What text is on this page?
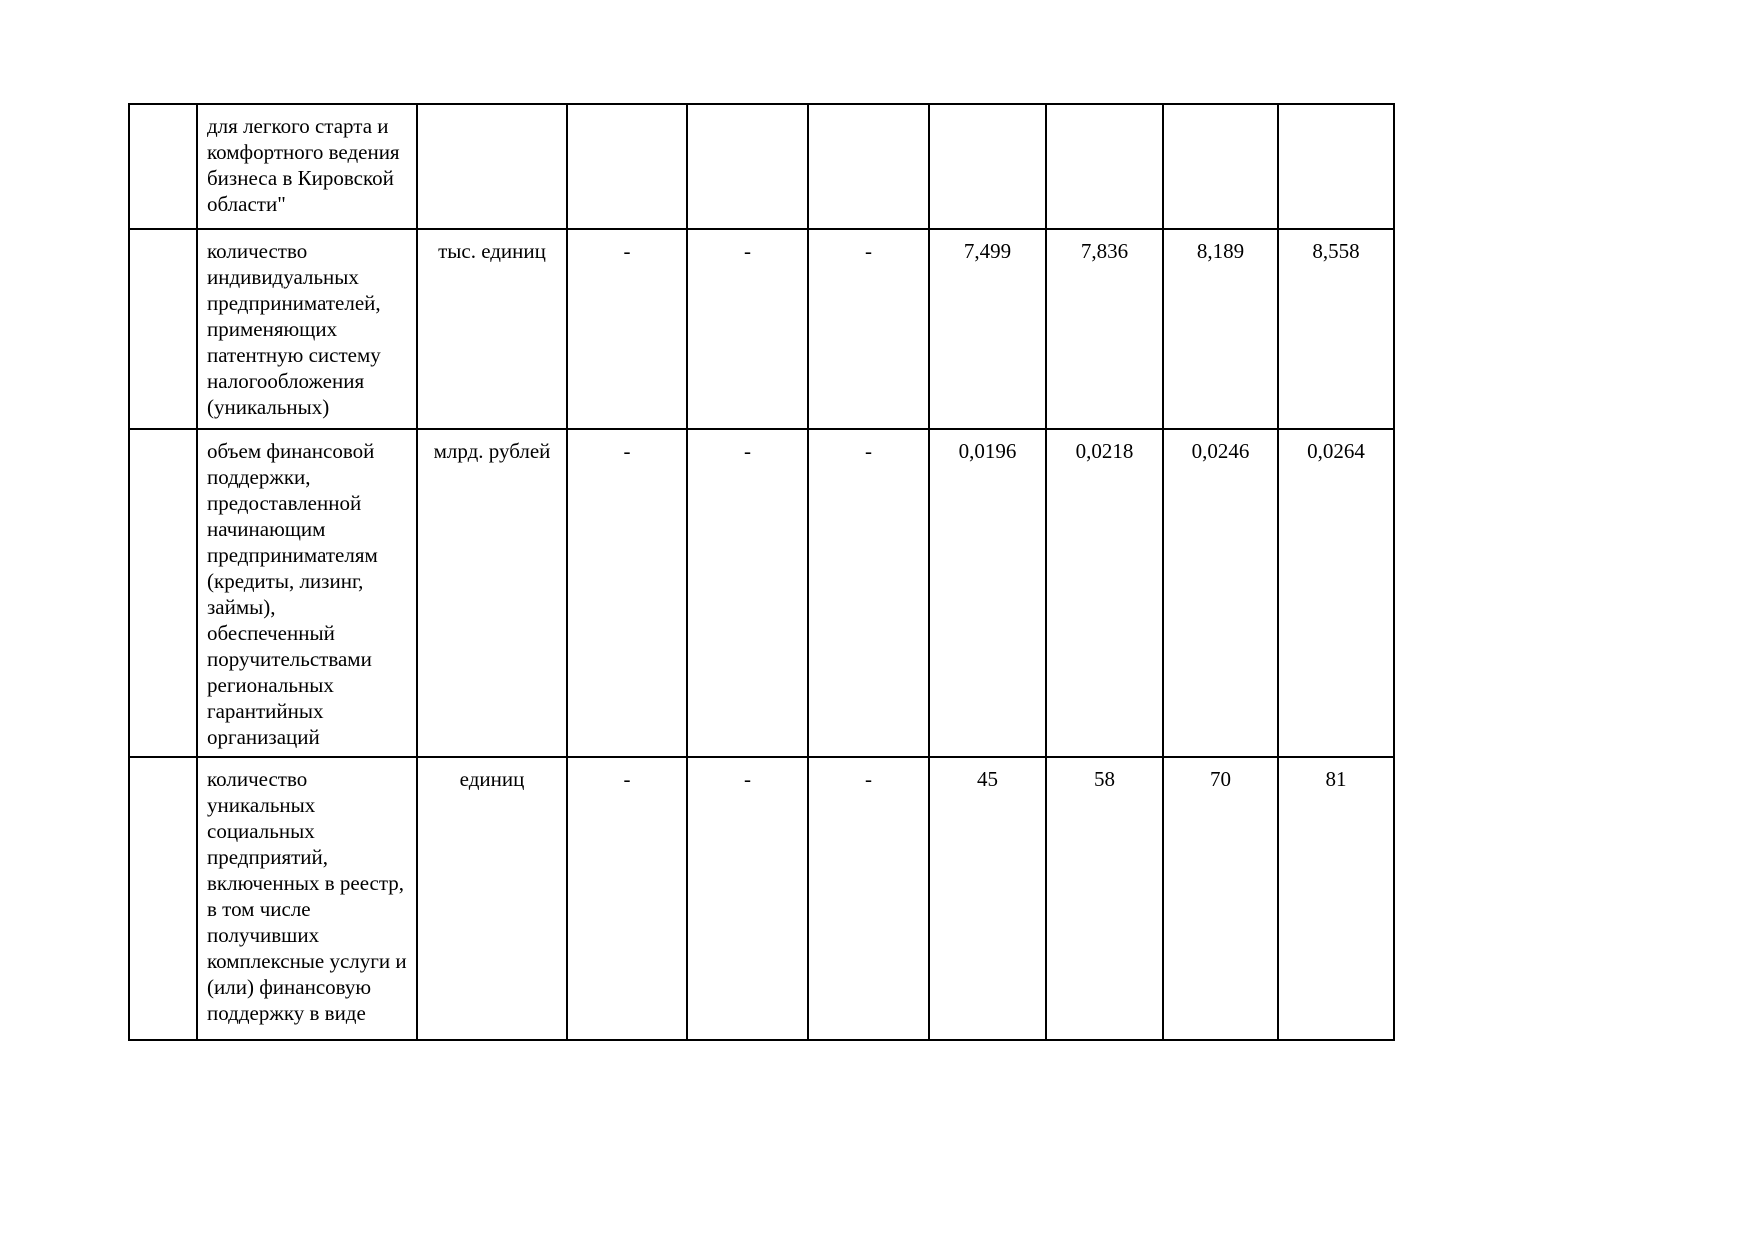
	для легкого старта и комфортного ведения бизнеса в Кировской области"								
	количество индивидуальных предпринимателей, применяющих патентную систему налогообложения (уникальных)	тыс. единиц	-	-	-	7,499	7,836	8,189	8,558
	объем финансовой поддержки, предоставленной начинающим предпринимателям (кредиты, лизинг, займы), обеспеченный поручительствами региональных гарантийных организаций	млрд. рублей	-	-	-	0,0196	0,0218	0,0246	0,0264
	количество уникальных социальных предприятий, включенных в реестр, в том числе получивших комплексные услуги и (или) финансовую поддержку в виде	единиц	-	-	-	45	58	70	81
